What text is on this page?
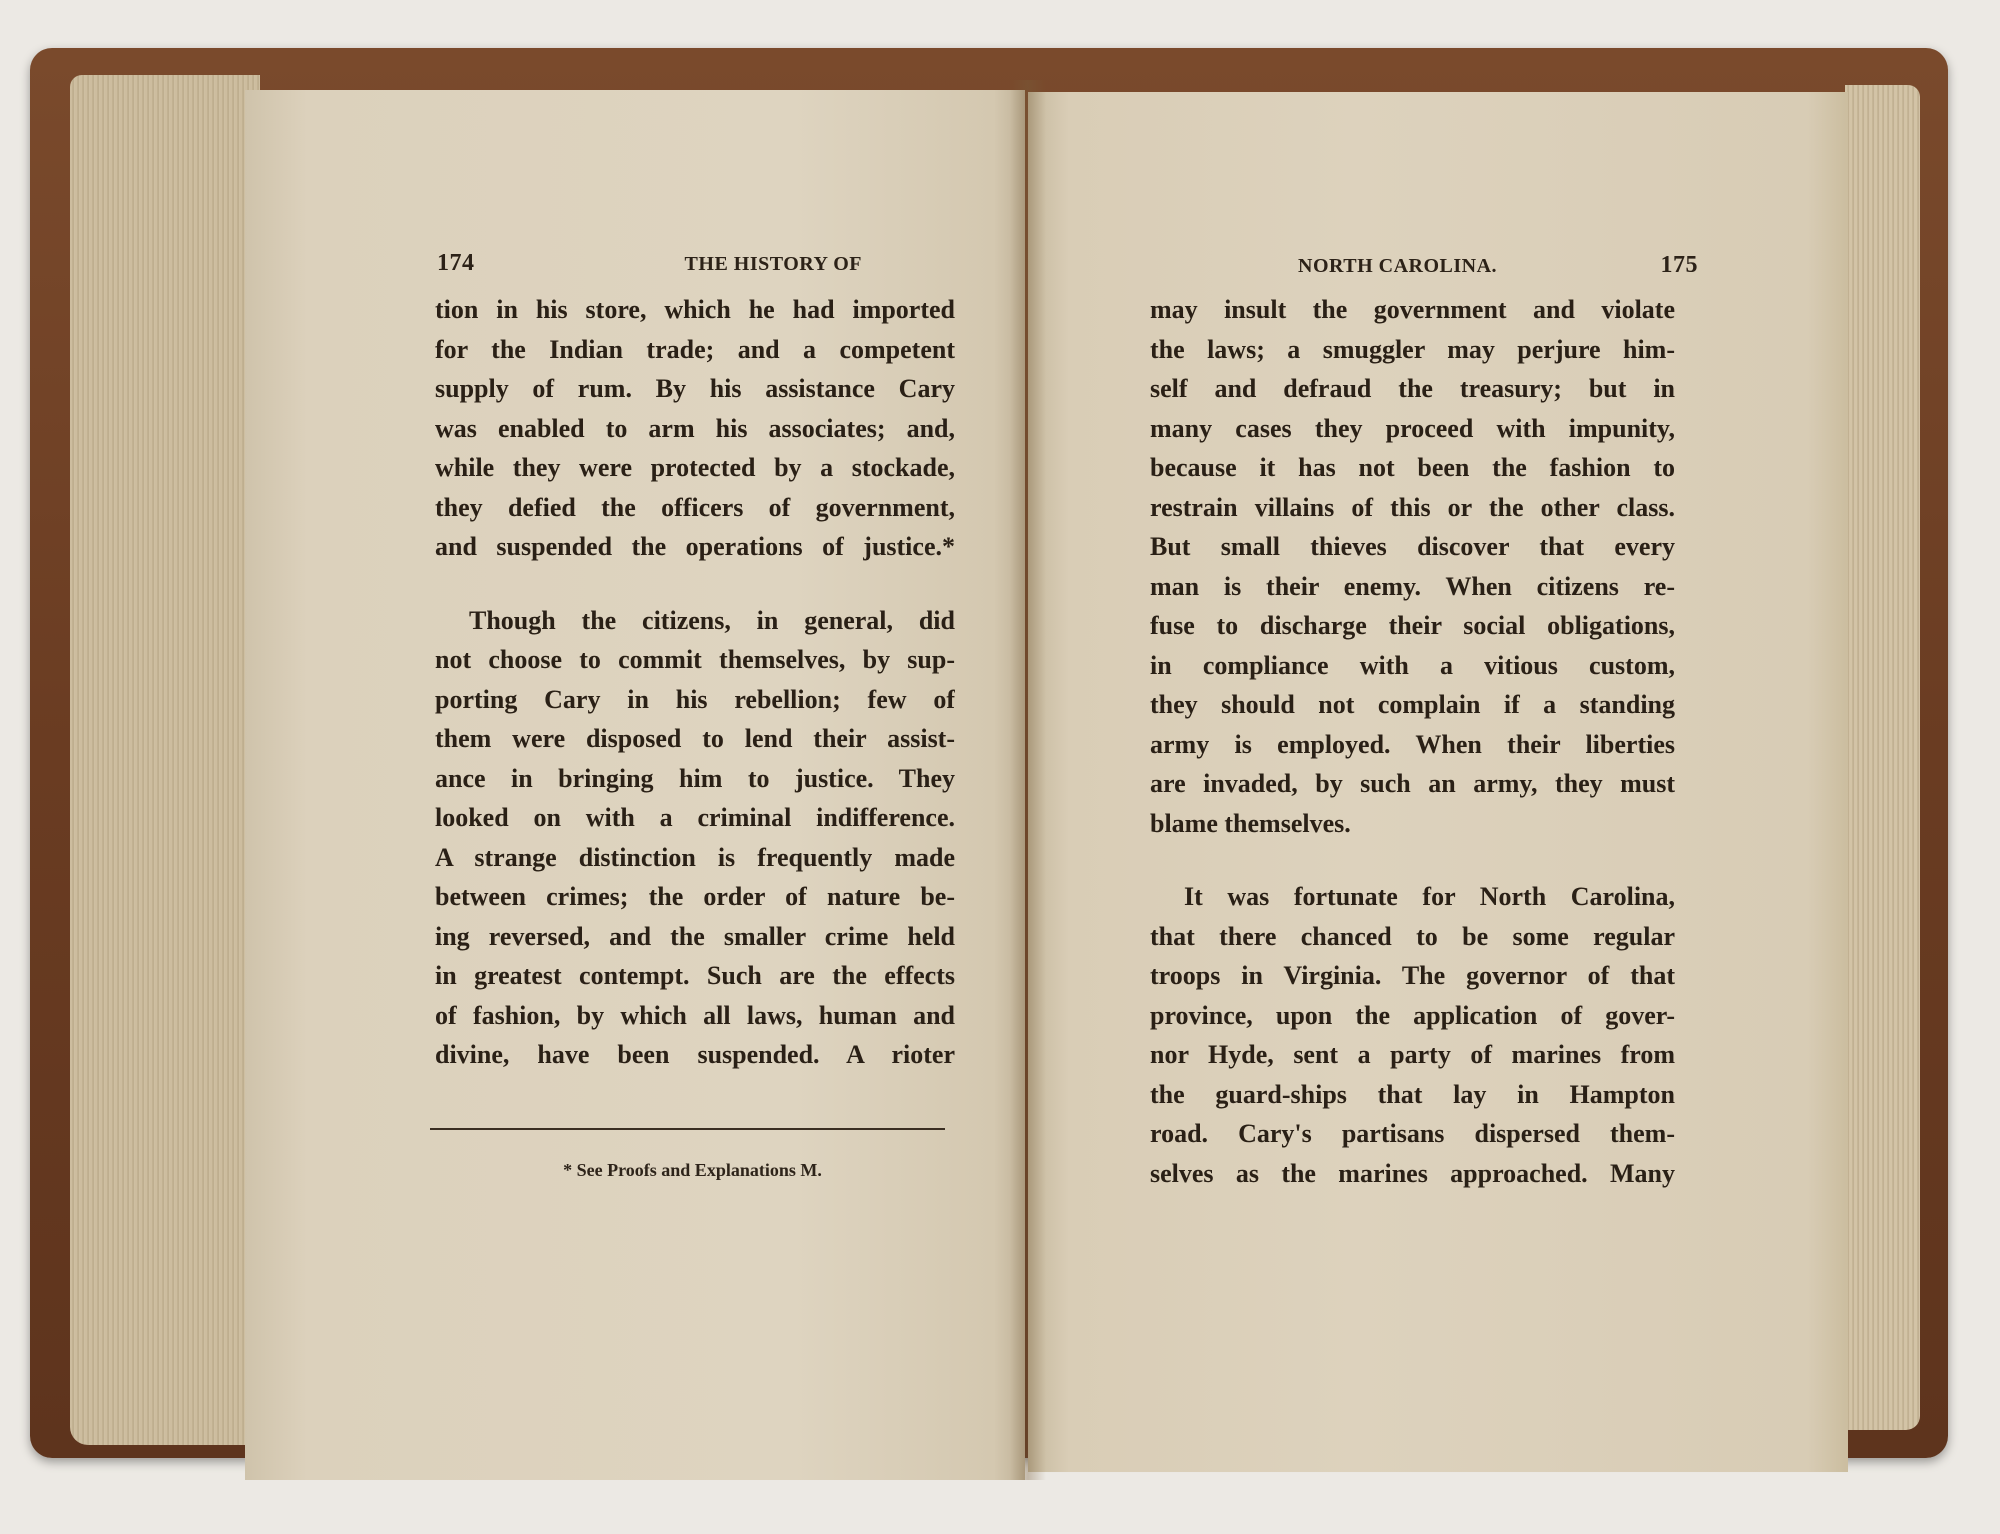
174	THE HISTORY OF
tion in his store, which he had imported
for the Indian trade; and a competent
supply of rum. By his assistance Cary
was enabled to arm his associates; and,
while they were protected by a stockade,
they defied the officers of government,
and suspended the operations of justice.*
Though the citizens, in general, did
not choose to commit themselves, by sup-
porting Cary in his rebellion; few of
them were disposed to lend their assist-
ance in bringing him to justice. They
looked on with a criminal indifference.
A strange distinction is frequently made
between crimes; the order of nature be-
ing reversed, and the smaller crime held
in greatest contempt. Such are the effects
of fashion, by which all laws, human and
divine, have been suspended. A rioter
* See Proofs and Explanations M.
NORTH CAROLINA.	175
may insult the government and violate
the laws; a smuggler may perjure him-
self and defraud the treasury; but in
many cases they proceed with impunity,
because it has not been the fashion to
restrain villains of this or the other class.
But small thieves discover that every
man is their enemy. When citizens re-
fuse to discharge their social obligations,
in compliance with a vitious custom,
they should not complain if a standing
army is employed. When their liberties
are invaded, by such an army, they must
blame themselves.
It was fortunate for North Carolina,
that there chanced to be some regular
troops in Virginia. The governor of that
province, upon the application of gover-
nor Hyde, sent a party of marines from
the guard-ships that lay in Hampton
road. Cary's partisans dispersed them-
selves as the marines approached. Many
